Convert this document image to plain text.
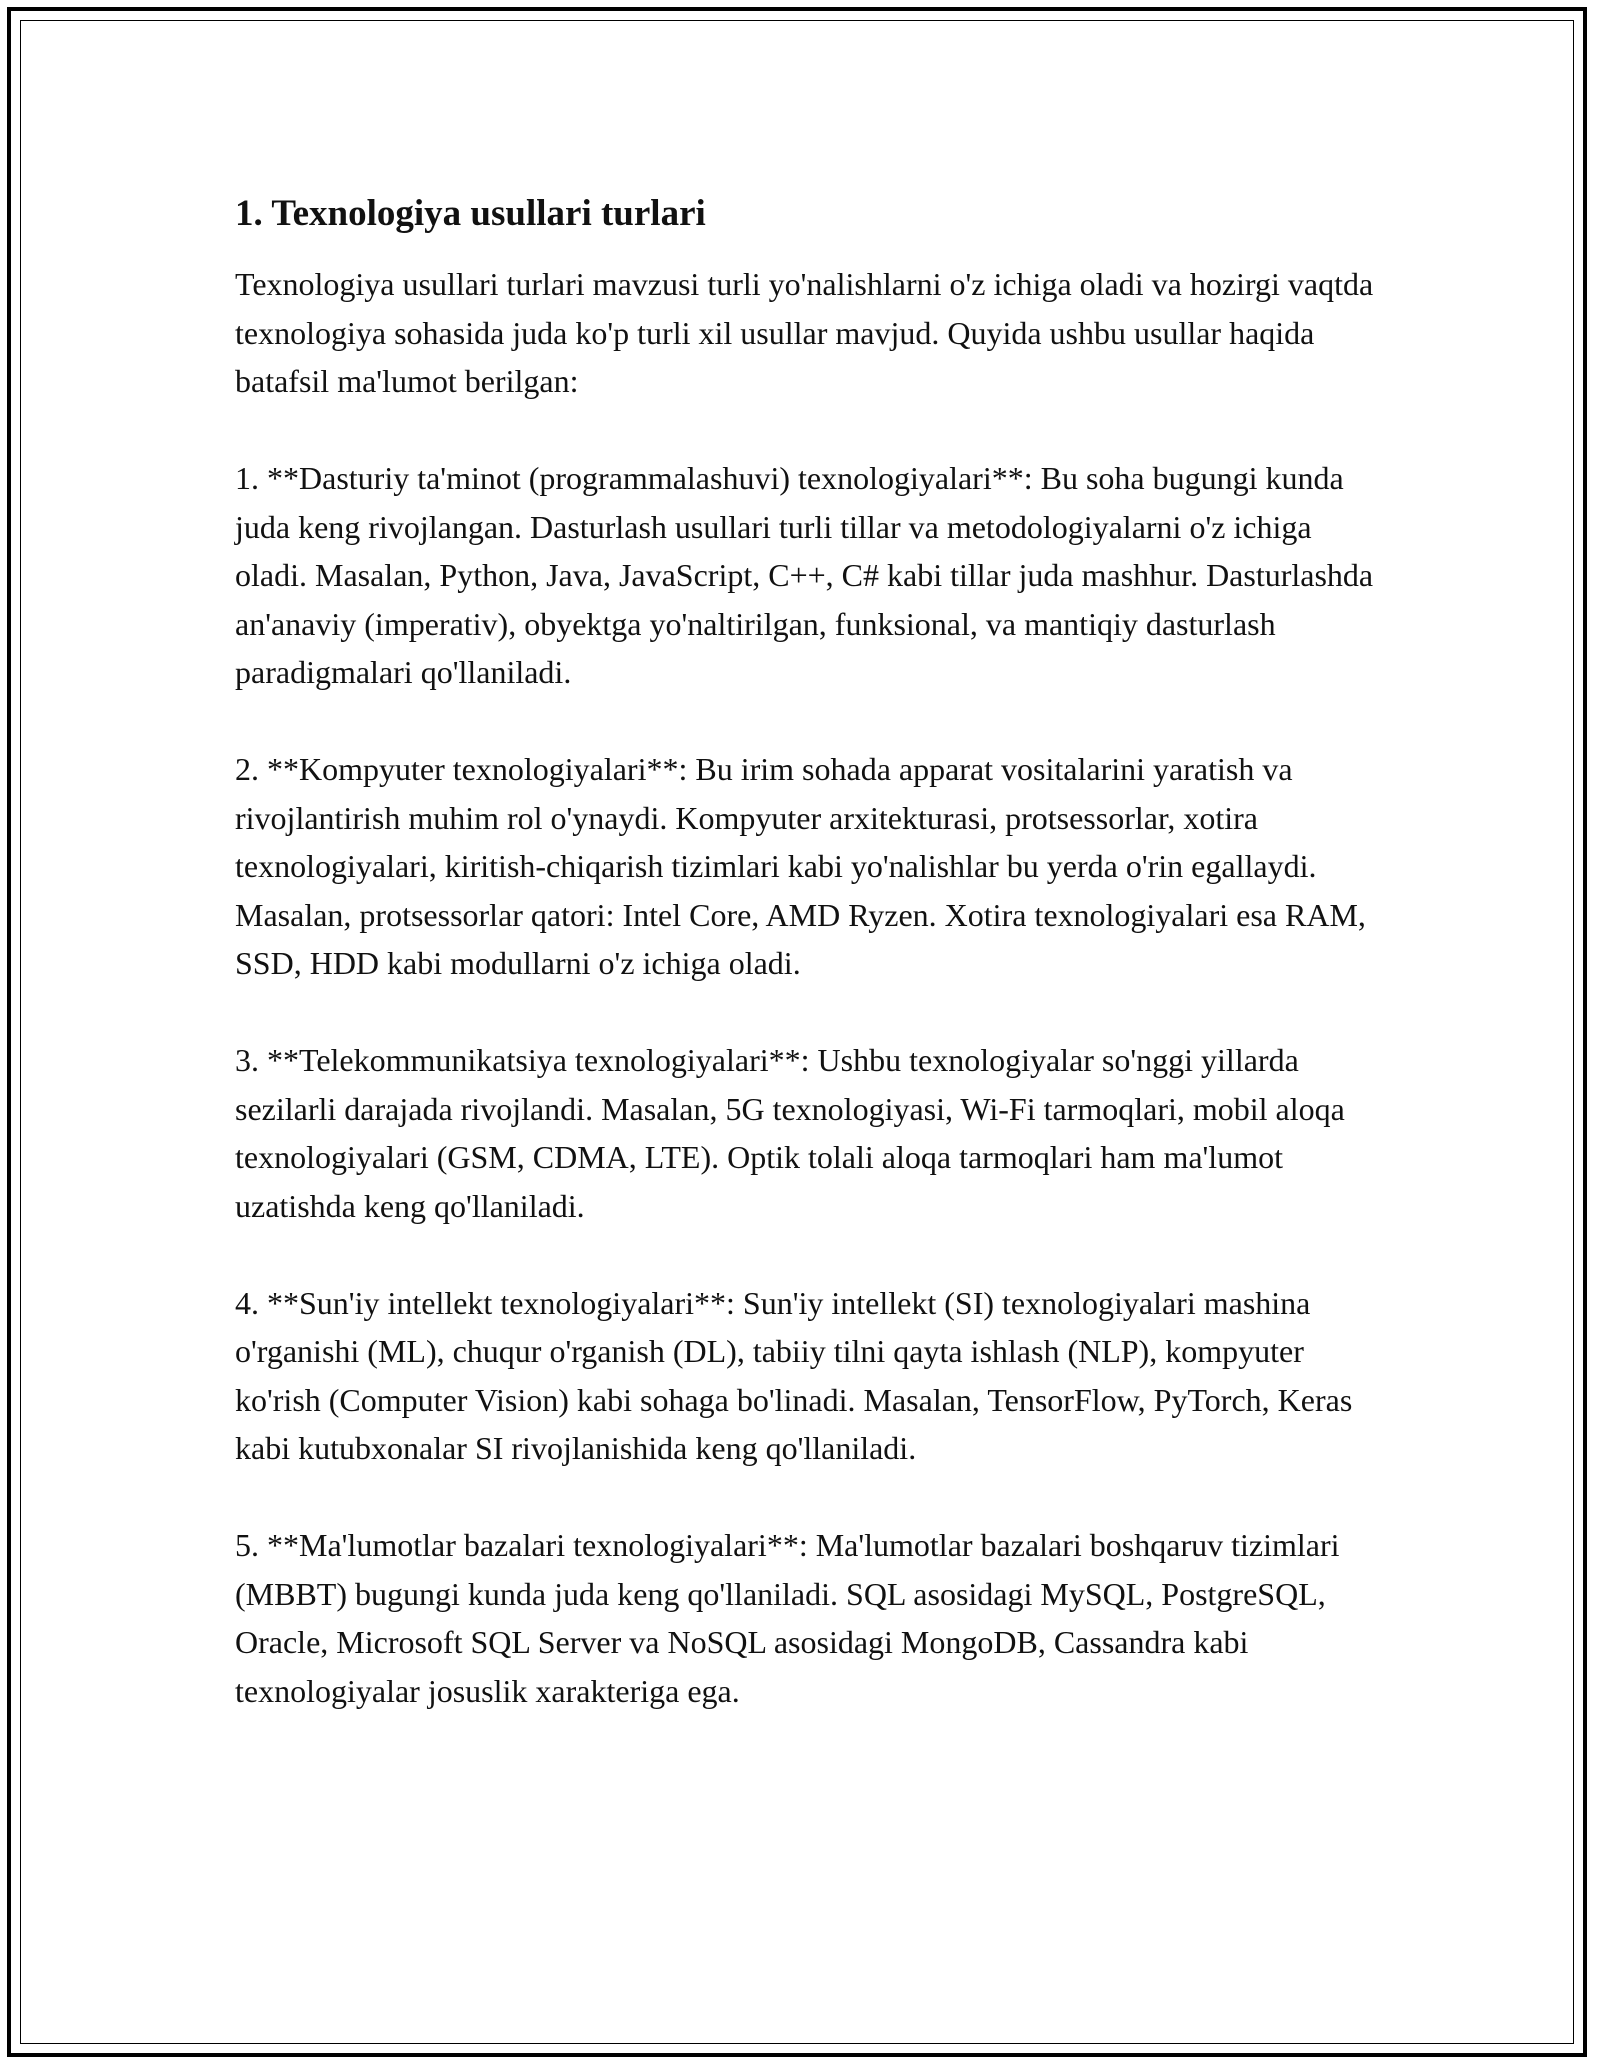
1. Texnologiya usullari turlari

Texnologiya usullari turlari mavzusi turli yo'nalishlarni o'z ichiga oladi va hozirgi vaqtda texnologiya sohasida juda ko'p turli xil usullar mavjud. Quyida ushbu usullar haqida batafsil ma'lumot berilgan:

1. **Dasturiy ta'minot (programmalashuvi) texnologiyalari**: Bu soha bugungi kunda juda keng rivojlangan. Dasturlash usullari turli tillar va metodologiyalarni o'z ichiga oladi. Masalan, Python, Java, JavaScript, C++, C# kabi tillar juda mashhur. Dasturlashda an'anaviy (imperativ), obyektga yo'naltirilgan, funksional, va mantiqiy dasturlash paradigmalari qo'llaniladi.

2. **Kompyuter texnologiyalari**: Bu irim sohada apparat vositalarini yaratish va rivojlantirish muhim rol o'ynaydi. Kompyuter arxitekturasi, protsessorlar, xotira texnologiyalari, kiritish-chiqarish tizimlari kabi yo'nalishlar bu yerda o'rin egallaydi. Masalan, protsessorlar qatori: Intel Core, AMD Ryzen. Xotira texnologiyalari esa RAM, SSD, HDD kabi modullarni o'z ichiga oladi.

3. **Telekommunikatsiya texnologiyalari**: Ushbu texnologiyalar so'nggi yillarda sezilarli darajada rivojlandi. Masalan, 5G texnologiyasi, Wi-Fi tarmoqlari, mobil aloqa texnologiyalari (GSM, CDMA, LTE). Optik tolali aloqa tarmoqlari ham ma'lumot uzatishda keng qo'llaniladi.

4. **Sun'iy intellekt texnologiyalari**: Sun'iy intellekt (SI) texnologiyalari mashina o'rganishi (ML), chuqur o'rganish (DL), tabiiy tilni qayta ishlash (NLP), kompyuter ko'rish (Computer Vision) kabi sohaga bo'linadi. Masalan, TensorFlow, PyTorch, Keras kabi kutubxonalar SI rivojlanishida keng qo'llaniladi.

5. **Ma'lumotlar bazalari texnologiyalari**: Ma'lumotlar bazalari boshqaruv tizimlari (MBBT) bugungi kunda juda keng qo'llaniladi. SQL asosidagi MySQL, PostgreSQL, Oracle, Microsoft SQL Server va NoSQL asosidagi MongoDB, Cassandra kabi texnologiyalar josuslik xarakteriga ega.
